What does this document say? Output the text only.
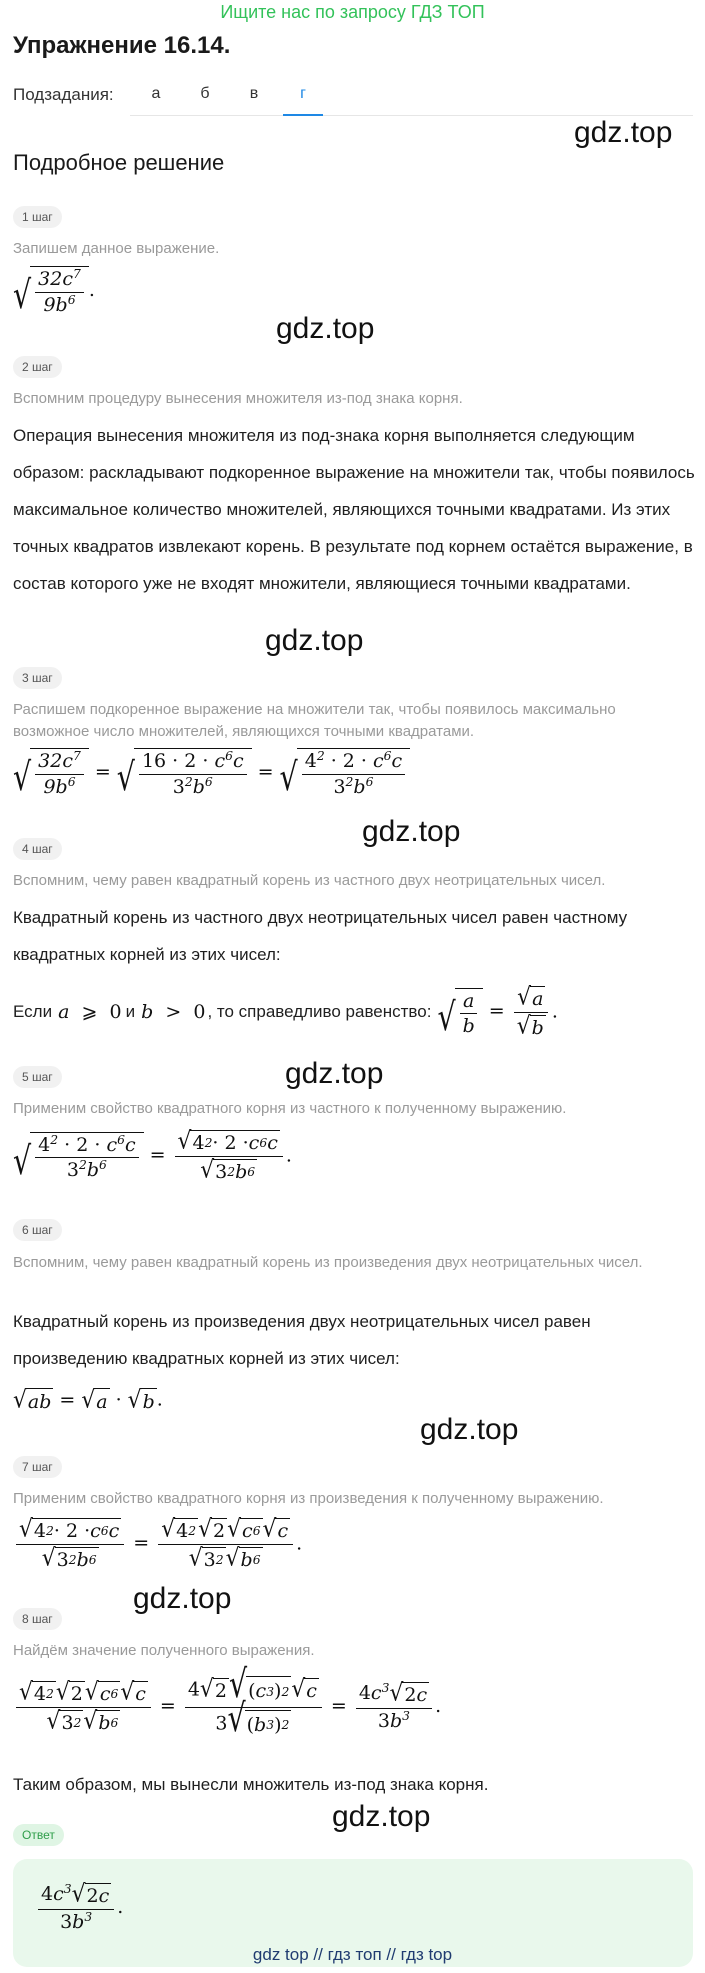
Ищите нас по запросу ГДЗ ТОП
Упражнение 16.14.
Подзадания:	а	б	в	г
gdz.top
Подробное решение
1 шаг
Запишем данное выражение.
√ $\frac{32c^7}{9b^6}$ .
gdz.top
2 шаг
Вспомним процедуру вынесения множителя из-под знака корня.
Операция вынесения множителя из под-знака корня выполняется следующим образом: раскладывают подкоренное выражение на множители так, чтобы появилось максимальное количество множителей, являющихся точными квадратами. Из этих точных квадратов извлекают корень. В результате под корнем остаётся выражение, в состав которого уже не входят множители, являющиеся точными квадратами.
gdz.top
3 шаг
Распишем подкоренное выражение на множители так, чтобы появилось максимально возможное число множителей, являющихся точными квадратами.
√ $\frac{32c^7}{9b^6}$ = √ $\frac{16 \cdot 2 \cdot c^6c}{3^2b^6}$ = √ $\frac{4^2 \cdot 2 \cdot c^6c}{3^2b^6}$
gdz.top
4 шаг
Вспомним, чему равен квадратный корень из частного двух неотрицательных чисел.
Квадратный корень из частного двух неотрицательных чисел равен частному квадратных корней из этих чисел:
Если a  ⩾  0 и b  >  0 , то справедливо равенство: √ $\frac{a}{b} = \frac{√ a}{√ b}$ .
gdz.top
5 шаг
Применим свойство квадратного корня из частного к полученному выражению.
√ $\frac{4^2 \cdot 2 \cdot c^6c}{3^2b^6} = \frac{√ 4 2 \cdot 2 \cdot c 6 c}{√ 3 2 b 6}$ .
6 шаг
Вспомним, чему равен квадратный корень из произведения двух неотрицательных чисел.
Квадратный корень из произведения двух неотрицательных чисел равен произведению квадратных корней из этих чисел:
√ ab = √ a · √ b .
gdz.top
7 шаг
Применим свойство квадратного корня из произведения к полученному выражению.
$\frac{√ 4 2 \cdot 2 \cdot c 6 c}{√ 3 2 b 6} = \frac{√ 4 2 √ 2 √ c 6 √ c}{√ 3 2 √ b 6}$ .
gdz.top
8 шаг
Найдём значение полученного выражения.
$\frac{√ 4 2 √ 2 √ c 6 √ c}{√ 3 2 √ b 6} = \frac{4 √ 2 √ ( c 3 ) 2 √ c}{3 √ ( b 3 ) 2} = \frac{4c^3 √ 2 c}{3b^3}$ .
Таким образом, мы вынесли множитель из-под знака корня.
gdz.top
Ответ
$\frac{4c^3 √ 2 c}{3b^3}$ .
gdz top // гдз топ // гдз top
